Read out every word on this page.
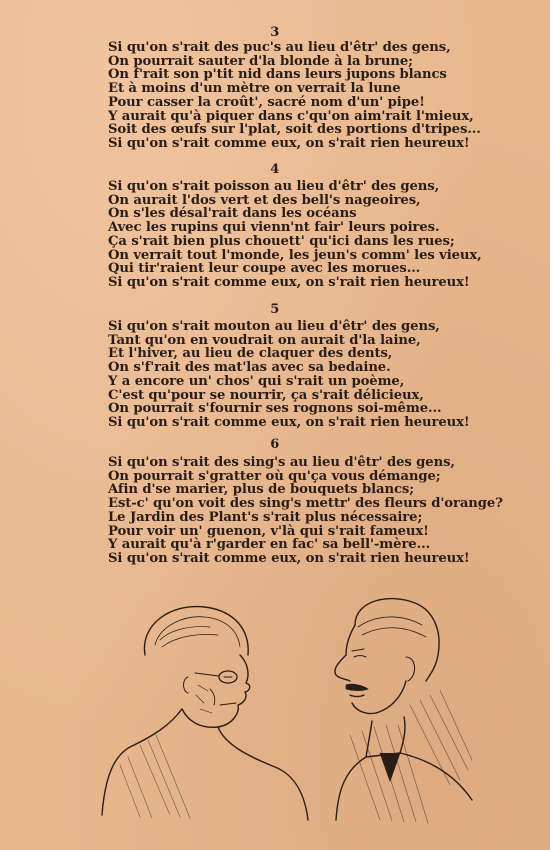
3
Si qu'on s'rait des puc's au lieu d'êtr' des gens,
On pourrait sauter d'la blonde à la brune;
On f'rait son p'tit nid dans leurs jupons blancs
Et à moins d'un mètre on verrait la lune
Pour casser la croût', sacré nom d'un' pipe!
Y aurait qu'à piquer dans c'qu'on aim'rait l'mieux,
Soit des œufs sur l'plat, soit des portions d'tripes...
Si qu'on s'rait comme eux, on s'rait rien heureux!
4
Si qu'on s'rait poisson au lieu d'êtr' des gens,
On aurait l'dos vert et des bell's nageoires,
On s'les désal'rait dans les océans
Avec les rupins qui vienn'nt fair' leurs poires.
Ça s'rait bien plus chouett' qu'ici dans les rues;
On verrait tout l'monde, les jeun's comm' les vieux,
Qui tir'raient leur coupe avec les morues...
Si qu'on s'rait comme eux, on s'rait rien heureux!
5
Si qu'on s'rait mouton au lieu d'êtr' des gens,
Tant qu'on en voudrait on aurait d'la laine,
Et l'hiver, au lieu de claquer des dents,
On s'f'rait des mat'las avec sa bedaine.
Y a encore un' chos' qui s'rait un poème,
C'est qu'pour se nourrir, ça s'rait délicieux,
On pourrait s'fournir ses rognons soi-même...
Si qu'on s'rait comme eux, on s'rait rien heureux!
6
Si qu'on s'rait des sing's au lieu d'êtr' des gens,
On pourrait s'gratter où qu'ça vous démange;
Afin d'se marier, plus de bouquets blancs;
Est-c' qu'on voit des sing's mettr' des fleurs d'orange?
Le Jardin des Plant's s'rait plus nécessaire;
Pour voir un' guenon, v'là qui s'rait fameux!
Y aurait qu'à r'garder en fac' sa bell'-mère...
Si qu'on s'rait comme eux, on s'rait rien heureux!
